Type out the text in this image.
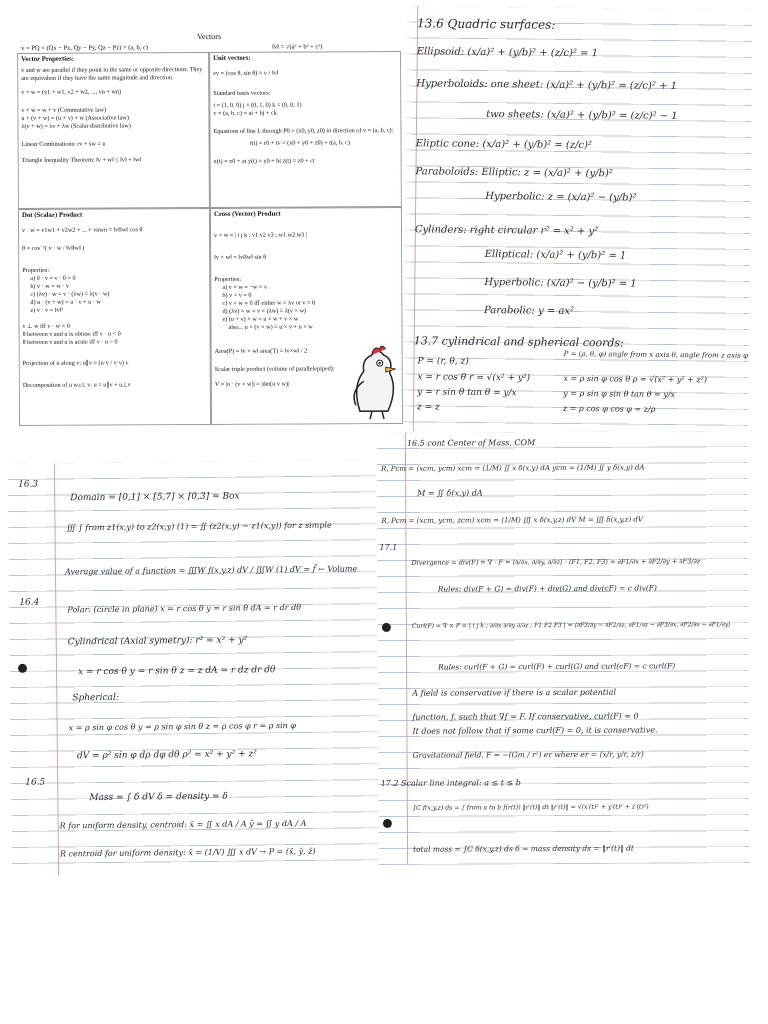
Vectors
v = PQ = (Qx − Px, Qy − Py, Qz − Pz) = (a, b, c)	‖v‖ = √(a² + b² + c²)
Vector Properties:
v and w are parallel if they point in the same or opposite directions. They are equivalent if they have the same magnitude and direction.
v + w = (v1 + w1, v2 + w2, ..., vn + wn)
v + w = w + v (Commutative law)
u + (v + w) = (u + v) + w (Associative law)
λ(v + w) = λv + λw (Scalar distributive law)
Linear Combinations: rv + sw = u
Triangle Inequality Theorem: ‖v + w‖ ≤ ‖v‖ + ‖w‖
Unit vectors:
ev = (cos θ, sin θ) = v / ‖v‖
Standard basis vectors:
i = (1, 0, 0) j = (0, 1, 0) k = (0, 0, 1)
v = (a, b, c) = ai + bj + ck
Equations of line L through P0 = (x0, y0, z0) in direction of v = (a, b, c):
r(t) = r0 + tv = (x0 + y0 + z0) + t(a, b, c)
x(t) = x0 + at y(t) = y0 + bt z(t) = z0 + ct
Dot (Scalar) Product
v · w = v1w1 + v2w2 + ... + vnwn = ‖v‖‖w‖ cos θ
θ = cos⁻¹( v · w / ‖v‖‖w‖ )
Properties:
a) 0 · v = v · 0 = 0
b) v · w = w · v
c) (λv) · w = v · (λw) = λ(v · w)
d) u · (v + w) = u · v + u · w
e) v · v = ‖v‖²
v ⊥ w iff v · w = 0
θ between v and u is obtuse iff v · u < 0
θ between v and u is acute iff v · u > 0
Projection of u along v: u∥v = (u·v / v·v) v
Decomposition of u w.r.t. v: u = u∥v + u⊥v
Cross (Vector) Product
v × w = | i j k ; v1 v2 v3 ; w1 w2 w3 |
‖v × w‖ = ‖v‖‖w‖ sin θ
Properties:
a) v × w = −w × v
b) v × v = 0
c) v × w = 0 iff either w = λv or v = 0
d) (λv) × w = v × (λw) = λ(v × w)
e) (u + v) × w = u × w + v × w
also... u × (v × w) = u × v + u × w
Area(P) = ‖v × w‖ area(T) = ‖v×w‖ / 2
Scalar triple product (volume of parallelepiped):
V = |u · (v × w)| = |det(u v w)|
13.6 Quadric surfaces:
Ellipsoid: (x/a)² + (y/b)² + (z/c)² = 1
Hyperboloids: one sheet: (x/a)² + (y/b)² = (z/c)² + 1
two sheets: (x/a)² + (y/b)² = (z/c)² − 1
Eliptic cone: (x/a)² + (y/b)² = (z/c)²
Paraboloids: Elliptic: z = (x/a)² + (y/b)²
Hyperbolic: z = (x/a)² − (y/b)²
Cylinders: right circular r² = x² + y²
Elliptical: (x/a)² + (y/b)² = 1
Hyperbolic: (x/a)² − (y/b)² = 1
Parabolic: y = ax²
13.7 cylindrical and spherical coords:
P = (r, θ, z)
x = r cos θ r = √(x² + y²)
y = r sin θ tan θ = y/x
z = z
P = (ρ, θ, φ) angle from x axis θ, angle from z axis φ
x = ρ sin φ cos θ ρ = √(x² + y² + z²)
y = ρ sin φ sin θ tan θ = y/x
z = ρ cos φ cos φ = z/ρ
16.3
Domain = [0,1] × [5,7] × [0,3] = Box
∭ ∫ from z1(x,y) to z2(x,y) (1) = ∬ (z2(x,y) − z1(x,y)) for z simple
Average value of a function = ∭W f(x,y,z) dV / ∭W (1) dV = f̄ ← Volume
16.4
Polar: (circle in plane) x = r cos θ y = r sin θ dA = r dr dθ
Cylindrical (Axial symetry): r² = x² + y²
x = r cos θ y = r sin θ z = z dA = r dz dr dθ
Spherical:
x = ρ sin φ cos θ y = ρ sin φ sin θ z = ρ cos φ r = ρ sin φ
dV = ρ² sin φ dρ dφ dθ ρ² = x² + y² + z²
16.5
Mass = ∫ δ dV δ = density = δ
R for uniform density, centroid: x̄ = ∬ x dA / A ȳ = ∬ y dA / A
R centroid for uniform density: x̄ = (1/V) ∭ x dV → P = (x̄, ȳ, z̄)
16.5 cont Center of Mass, COM
R, Pcm = (xcm, ycm) xcm = (1/M) ∬ x δ(x,y) dA ycm = (1/M) ∬ y δ(x,y) dA
M = ∬ δ(x,y) dA
R, Pcm = (xcm, ycm, zcm) xcm = (1/M) ∭ x δ(x,y,z) dV M = ∭ δ(x,y,z) dV
17.1
Divergence = div(F) = ∇ · F = ⟨∂/∂x, ∂/∂y, ∂/∂z⟩ · ⟨F1, F2, F3⟩ = ∂F1/∂x + ∂F2/∂y + ∂F3/∂z
Rules: div(F + G) = div(F) + div(G) and div(cF) = c div(F)
Curl(F) = ∇ × F = | i j k ; ∂/∂x ∂/∂y ∂/∂z ; F1 F2 F3 | = ⟨∂F3/∂y − ∂F2/∂z, ∂F1/∂z − ∂F3/∂x, ∂F2/∂x − ∂F1/∂y⟩
Rules: curl(F + G) = curl(F) + curl(G) and curl(cF) = c curl(F)
A field is conservative if there is a scalar potential
function, f, such that ∇f = F. If conservative, curl(F) = 0
It does not follow that if some curl(F) = 0, it is conservative.
Gravitational field, F = −(Gm / r²) er where er = ⟨x/r, y/r, z/r⟩
17.2 Scalar line integral: a ≤ t ≤ b
∫C f(x,y,z) ds = ∫ from a to b f(r(t)) ‖r′(t)‖ dt ‖r′(t)‖ = √(x′(t)² + y′(t)² + z′(t)²)
total mass = ∫C δ(x,y,z) ds δ = mass density ds = ‖r′(t)‖ dt
